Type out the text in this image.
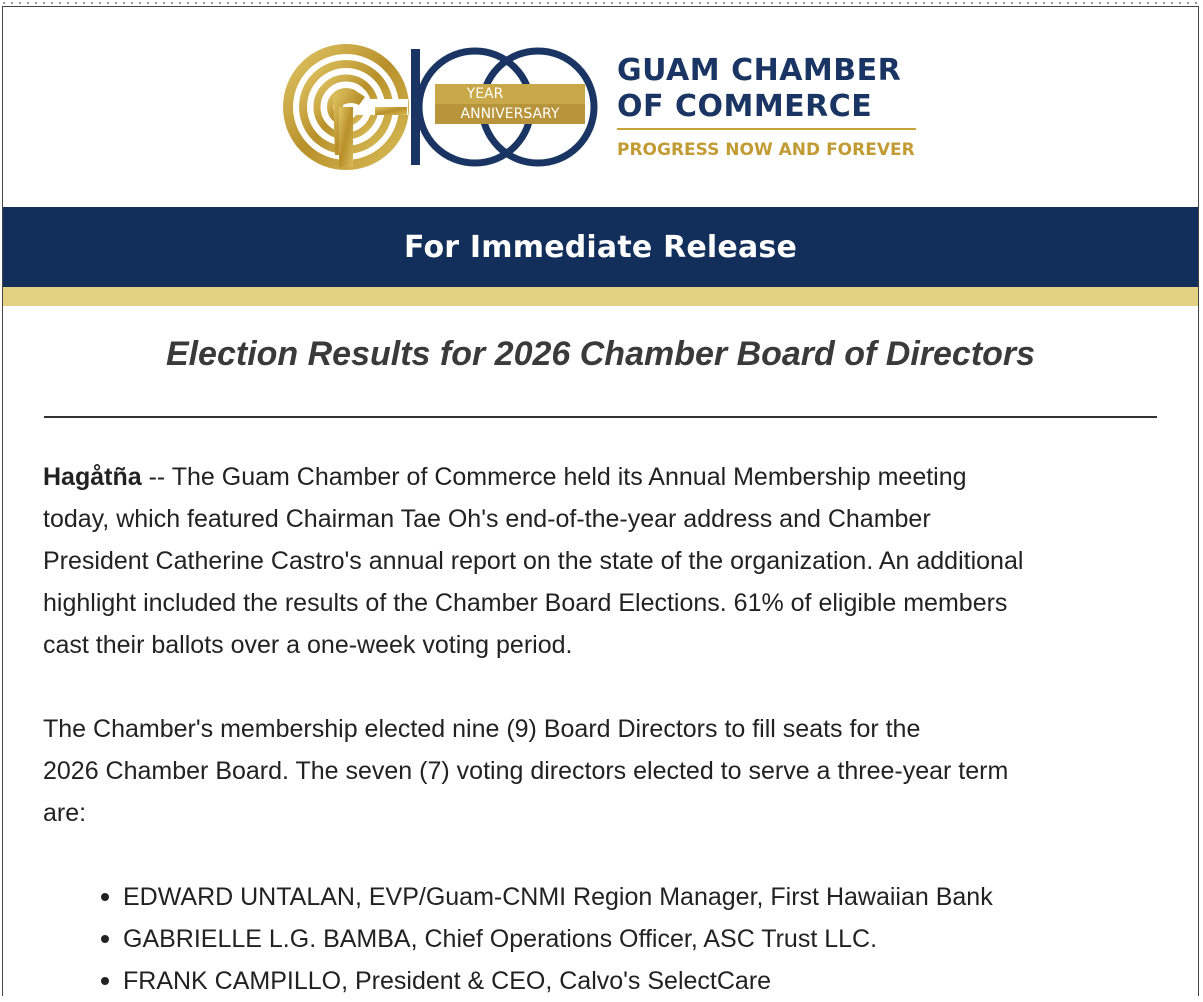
YEAR
ANNIVERSARY
GUAM CHAMBER
OF COMMERCE
PROGRESS NOW AND FOREVER
For Immediate Release
Election Results for 2026 Chamber Board of Directors
Hagåtña -- The Guam Chamber of Commerce held its Annual Membership meeting
today, which featured Chairman Tae Oh's end-of-the-year address and Chamber
President Catherine Castro's annual report on the state of the organization. An additional
highlight included the results of the Chamber Board Elections. 61% of eligible members
cast their ballots over a one-week voting period.
The Chamber's membership elected nine (9) Board Directors to fill seats for the
2026 Chamber Board. The seven (7) voting directors elected to serve a three-year term
are:
EDWARD UNTALAN, EVP/Guam-CNMI Region Manager, First Hawaiian Bank
GABRIELLE L.G. BAMBA, Chief Operations Officer, ASC Trust LLC.
FRANK CAMPILLO, President & CEO, Calvo's SelectCare
